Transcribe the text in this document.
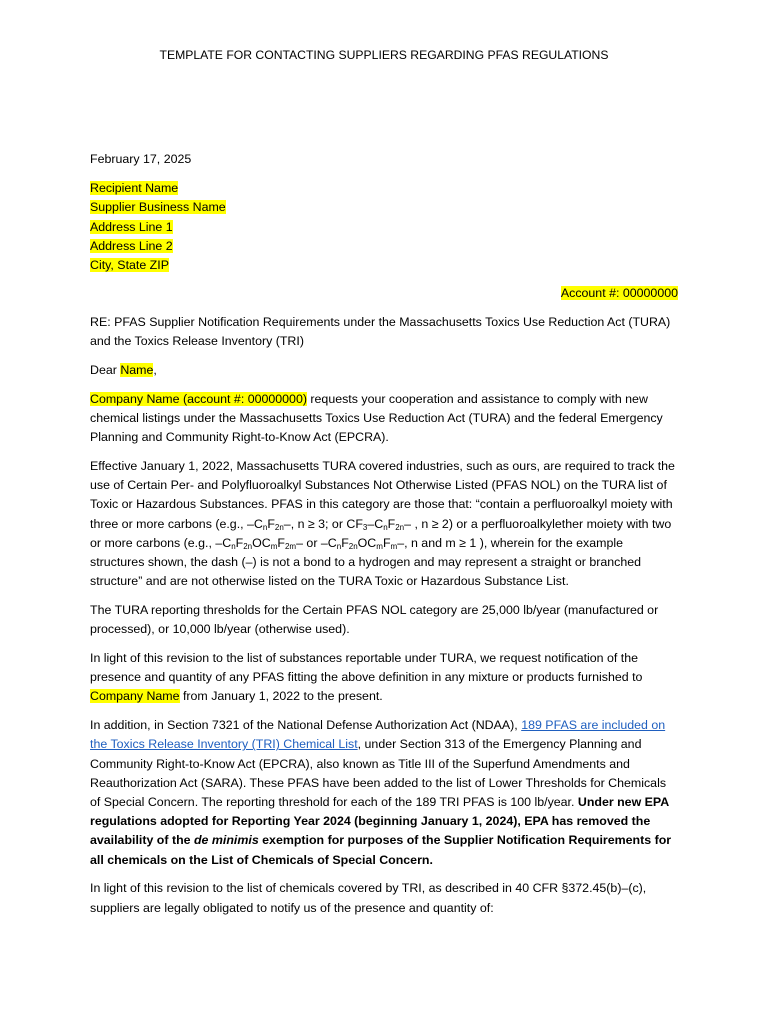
TEMPLATE FOR CONTACTING SUPPLIERS REGARDING PFAS REGULATIONS
February 17, 2025
Recipient Name
Supplier Business Name
Address Line 1
Address Line 2
City, State ZIP
Account #: 00000000

RE: PFAS Supplier Notification Requirements under the Massachusetts Toxics Use Reduction Act (TURA) and the Toxics Release Inventory (TRI)

Dear Name,

Company Name (account #: 00000000) requests your cooperation and assistance to comply with new chemical listings under the Massachusetts Toxics Use Reduction Act (TURA) and the federal Emergency Planning and Community Right-to-Know Act (EPCRA).

Effective January 1, 2022, Massachusetts TURA covered industries, such as ours, are required to track the use of Certain Per- and Polyfluoroalkyl Substances Not Otherwise Listed (PFAS NOL) on the TURA list of Toxic or Hazardous Substances. PFAS in this category are those that: “contain a perfluoroalkyl moiety with three or more carbons (e.g., $-C_nF_{2n}-$, n ≥ 3; or $CF_3-C_nF_{2n}-$ , n ≥ 2) or a perfluoroalkylether moiety with two or more carbons (e.g., $-C_nF_{2n}OC_mF_{2m}-$ or $-C_nF_{2n}OC_mF_m-$, n and m ≥ 1 ), wherein for the example structures shown, the dash (–) is not a bond to a hydrogen and may represent a straight or branched structure” and are not otherwise listed on the TURA Toxic or Hazardous Substance List.

The TURA reporting thresholds for the Certain PFAS NOL category are 25,000 lb/year (manufactured or processed), or 10,000 lb/year (otherwise used).

In light of this revision to the list of substances reportable under TURA, we request notification of the presence and quantity of any PFAS fitting the above definition in any mixture or products furnished to Company Name from January 1, 2022 to the present.

In addition, in Section 7321 of the National Defense Authorization Act (NDAA), 189 PFAS are included on the Toxics Release Inventory (TRI) Chemical List, under Section 313 of the Emergency Planning and Community Right-to-Know Act (EPCRA), also known as Title III of the Superfund Amendments and Reauthorization Act (SARA). These PFAS have been added to the list of Lower Thresholds for Chemicals of Special Concern. The reporting threshold for each of the 189 TRI PFAS is 100 lb/year. Under new EPA regulations adopted for Reporting Year 2024 (beginning January 1, 2024), EPA has removed the availability of the de minimis exemption for purposes of the Supplier Notification Requirements for all chemicals on the List of Chemicals of Special Concern.

In light of this revision to the list of chemicals covered by TRI, as described in 40 CFR §372.45(b)–(c), suppliers are legally obligated to notify us of the presence and quantity of:
